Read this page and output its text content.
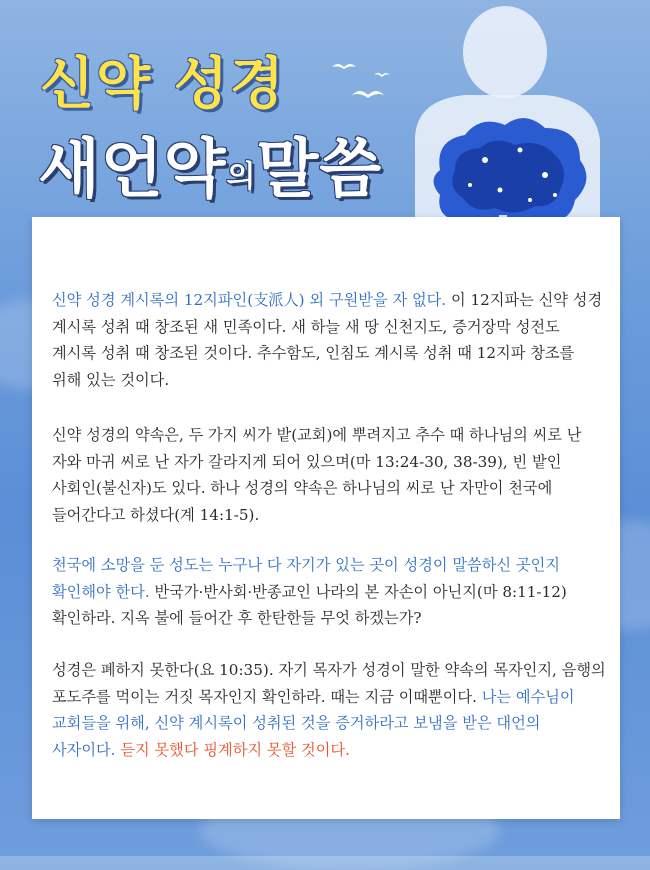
신약 성경
새언약의말씀
신약 성경 계시록의 12지파인(支派人) 외 구원받을 자 없다. 이 12지파는 신약 성경 계시록 성취 때 창조된 새 민족이다. 새 하늘 새 땅 신천지도, 증거장막 성전도 계시록 성취 때 창조된 것이다. 추수함도, 인침도 계시록 성취 때 12지파 창조를 위해 있는 것이다.
신약 성경의 약속은, 두 가지 씨가 밭(교회)에 뿌려지고 추수 때 하나님의 씨로 난 자와 마귀 씨로 난 자가 갈라지게 되어 있으며(마 13:24-30, 38-39), 빈 밭인 사회인(불신자)도 있다. 하나 성경의 약속은 하나님의 씨로 난 자만이 천국에 들어간다고 하셨다(계 14:1-5).
천국에 소망을 둔 성도는 누구나 다 자기가 있는 곳이 성경이 말씀하신 곳인지 확인해야 한다. 반국가·반사회·반종교인 나라의 본 자손이 아닌지(마 8:11-12) 확인하라. 지옥 불에 들어간 후 한탄한들 무엇 하겠는가?
성경은 폐하지 못한다(요 10:35). 자기 목자가 성경이 말한 약속의 목자인지, 음행의 포도주를 먹이는 거짓 목자인지 확인하라. 때는 지금 이때뿐이다. 나는 예수님이 교회들을 위해, 신약 계시록이 성취된 것을 증거하라고 보냄을 받은 대언의 사자이다. 듣지 못했다 핑계하지 못할 것이다.
